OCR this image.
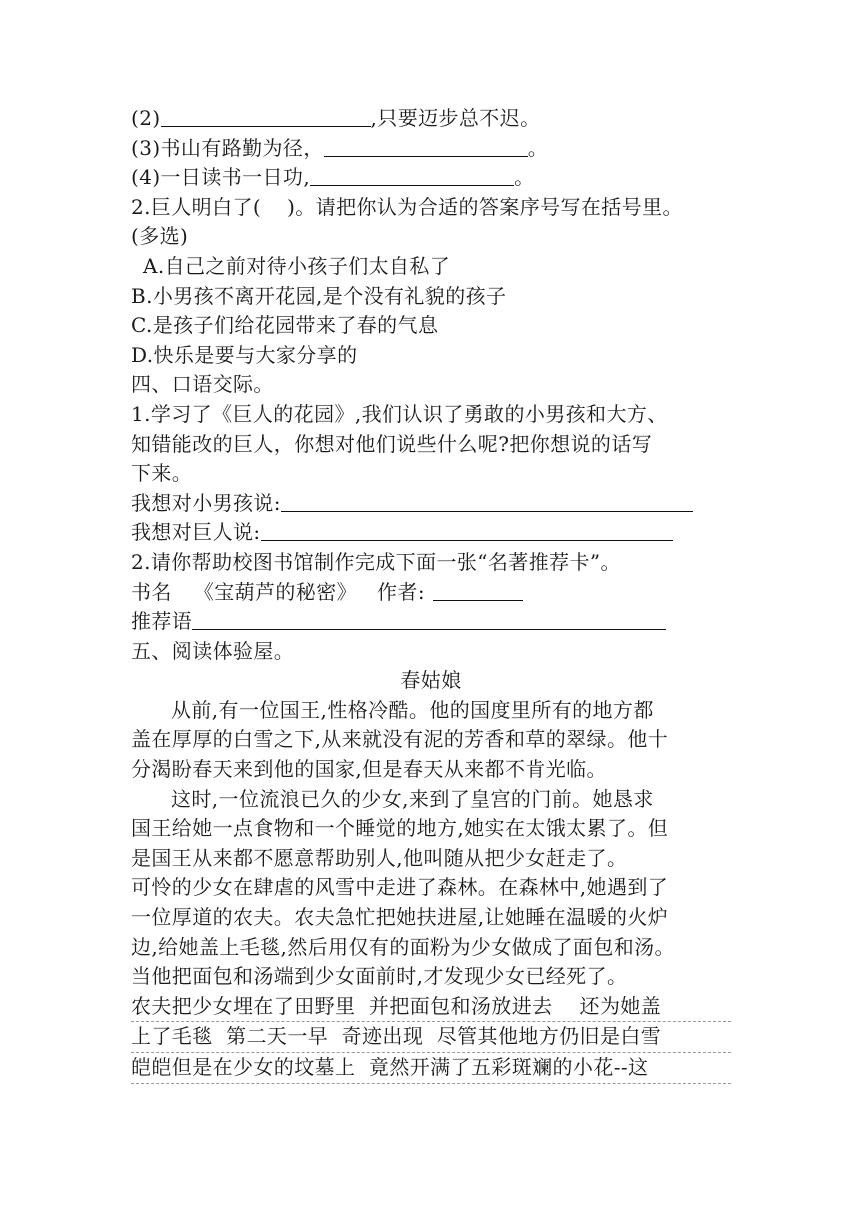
(2)	,只要迈步总不迟。
(3)书山有路勤为径，	。
(4)一日读书一日功,	。
2.巨人明白了( )。请把你认为合适的答案序号写在括号里。
(多选)
A.自己之前对待小孩子们太自私了
B.小男孩不离开花园,是个没有礼貌的孩子
C.是孩子们给花园带来了春的气息
D.快乐是要与大家分享的
四、口语交际。
1.学习了《巨人的花园》,我们认识了勇敢的小男孩和大方、
知错能改的巨人，你想对他们说些什么呢?把你想说的话写
下来。
我想对小男孩说:
我想对巨人说:
2.请你帮助校图书馆制作完成下面一张“名著推荐卡”。
书名 《宝葫芦的秘密》 作者:
推荐语
五、阅读体验屋。
春姑娘
从前,有一位国王,性格冷酷。他的国度里所有的地方都
盖在厚厚的白雪之下,从来就没有泥的芳香和草的翠绿。他十
分渴盼春天来到他的国家,但是春天从来都不肯光临。
这时,一位流浪已久的少女,来到了皇宫的门前。她恳求
国王给她一点食物和一个睡觉的地方,她实在太饿太累了。但
是国王从来都不愿意帮助别人,他叫随从把少女赶走了。
可怜的少女在肆虐的风雪中走进了森林。在森林中,她遇到了
一位厚道的农夫。农夫急忙把她扶进屋,让她睡在温暖的火炉
边,给她盖上毛毯,然后用仅有的面粉为少女做成了面包和汤。
当他把面包和汤端到少女面前时,才发现少女已经死了。
农夫把少女埋在了田野里  并把面包和汤放进去    还为她盖
上了毛毯  第二天一早  奇迹出现  尽管其他地方仍旧是白雪
皑皑但是在少女的坟墓上  竟然开满了五彩斑斓的小花--这
